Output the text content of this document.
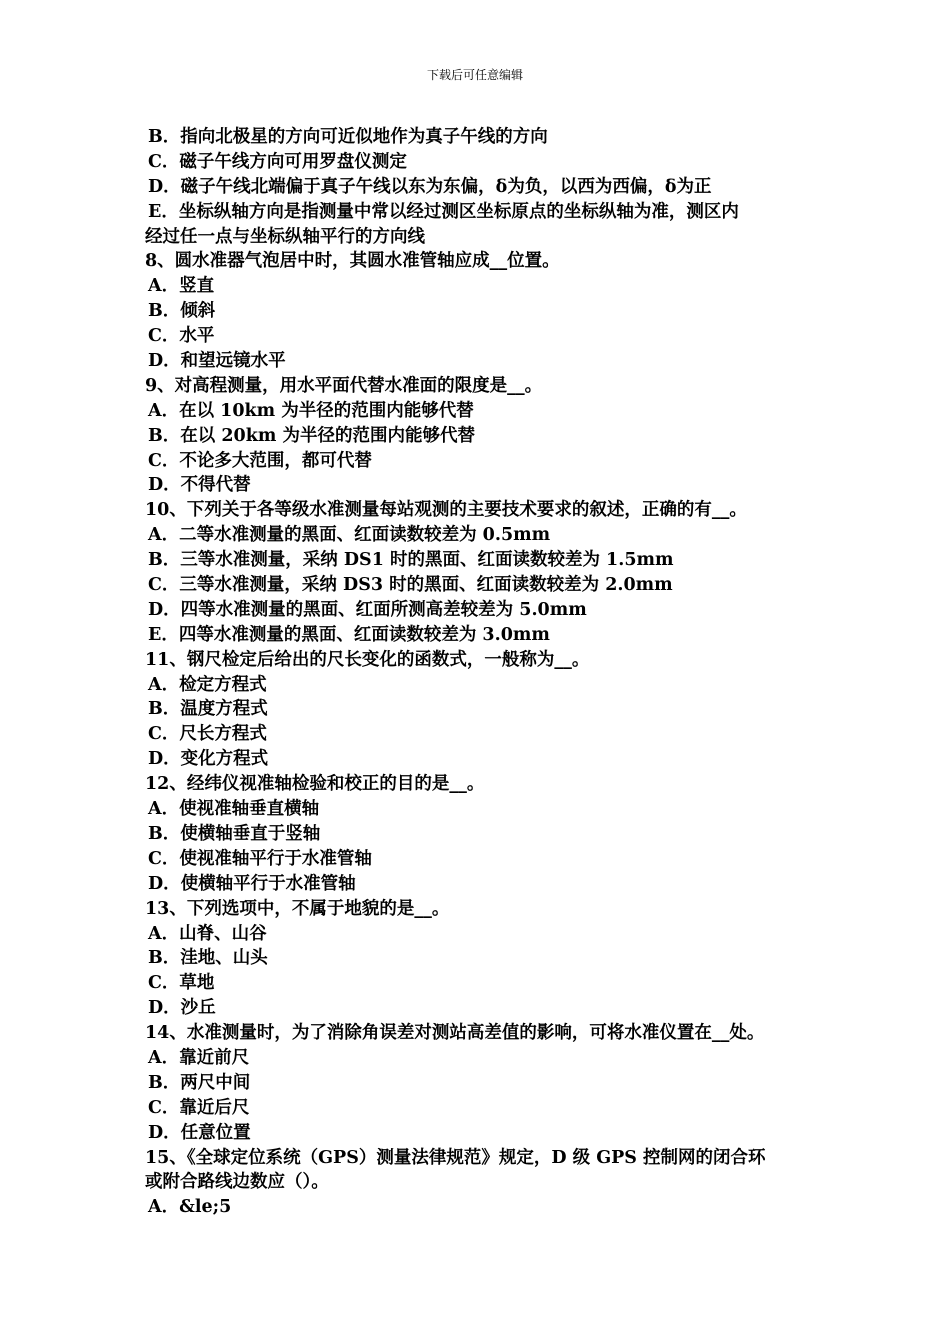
下载后可任意编辑
B．指向北极星的方向可近似地作为真子午线的方向
C．磁子午线方向可用罗盘仪测定
D．磁子午线北端偏于真子午线以东为东偏，δ为负，以西为西偏，δ为正
E．坐标纵轴方向是指测量中常以经过测区坐标原点的坐标纵轴为准，测区内
经过任一点与坐标纵轴平行的方向线
8、圆水准器气泡居中时，其圆水准管轴应成__位置。
A．竖直
B．倾斜
C．水平
D．和望远镜水平
9、对高程测量，用水平面代替水准面的限度是__。
A．在以 10km 为半径的范围内能够代替
B．在以 20km 为半径的范围内能够代替
C．不论多大范围，都可代替
D．不得代替
10、下列关于各等级水准测量每站观测的主要技术要求的叙述，正确的有__。
A．二等水准测量的黑面、红面读数较差为 0.5mm
B．三等水准测量，采纳 DS1 时的黑面、红面读数较差为 1.5mm
C．三等水准测量，采纳 DS3 时的黑面、红面读数较差为 2.0mm
D．四等水准测量的黑面、红面所测高差较差为 5.0mm
E．四等水准测量的黑面、红面读数较差为 3.0mm
11、钢尺检定后给出的尺长变化的函数式，一般称为__。
A．检定方程式
B．温度方程式
C．尺长方程式
D．变化方程式
12、经纬仪视准轴检验和校正的目的是__。
A．使视准轴垂直横轴
B．使横轴垂直于竖轴
C．使视准轴平行于水准管轴
D．使横轴平行于水准管轴
13、下列选项中，不属于地貌的是__。
A．山脊、山谷
B．洼地、山头
C．草地
D．沙丘
14、水准测量时，为了消除角误差对测站高差值的影响，可将水准仪置在__处。
A．靠近前尺
B．两尺中间
C．靠近后尺
D．任意位置
15、《全球定位系统（GPS）测量法律规范》规定，D 级 GPS 控制网的闭合环
或附合路线边数应（）。
A．&le;5
